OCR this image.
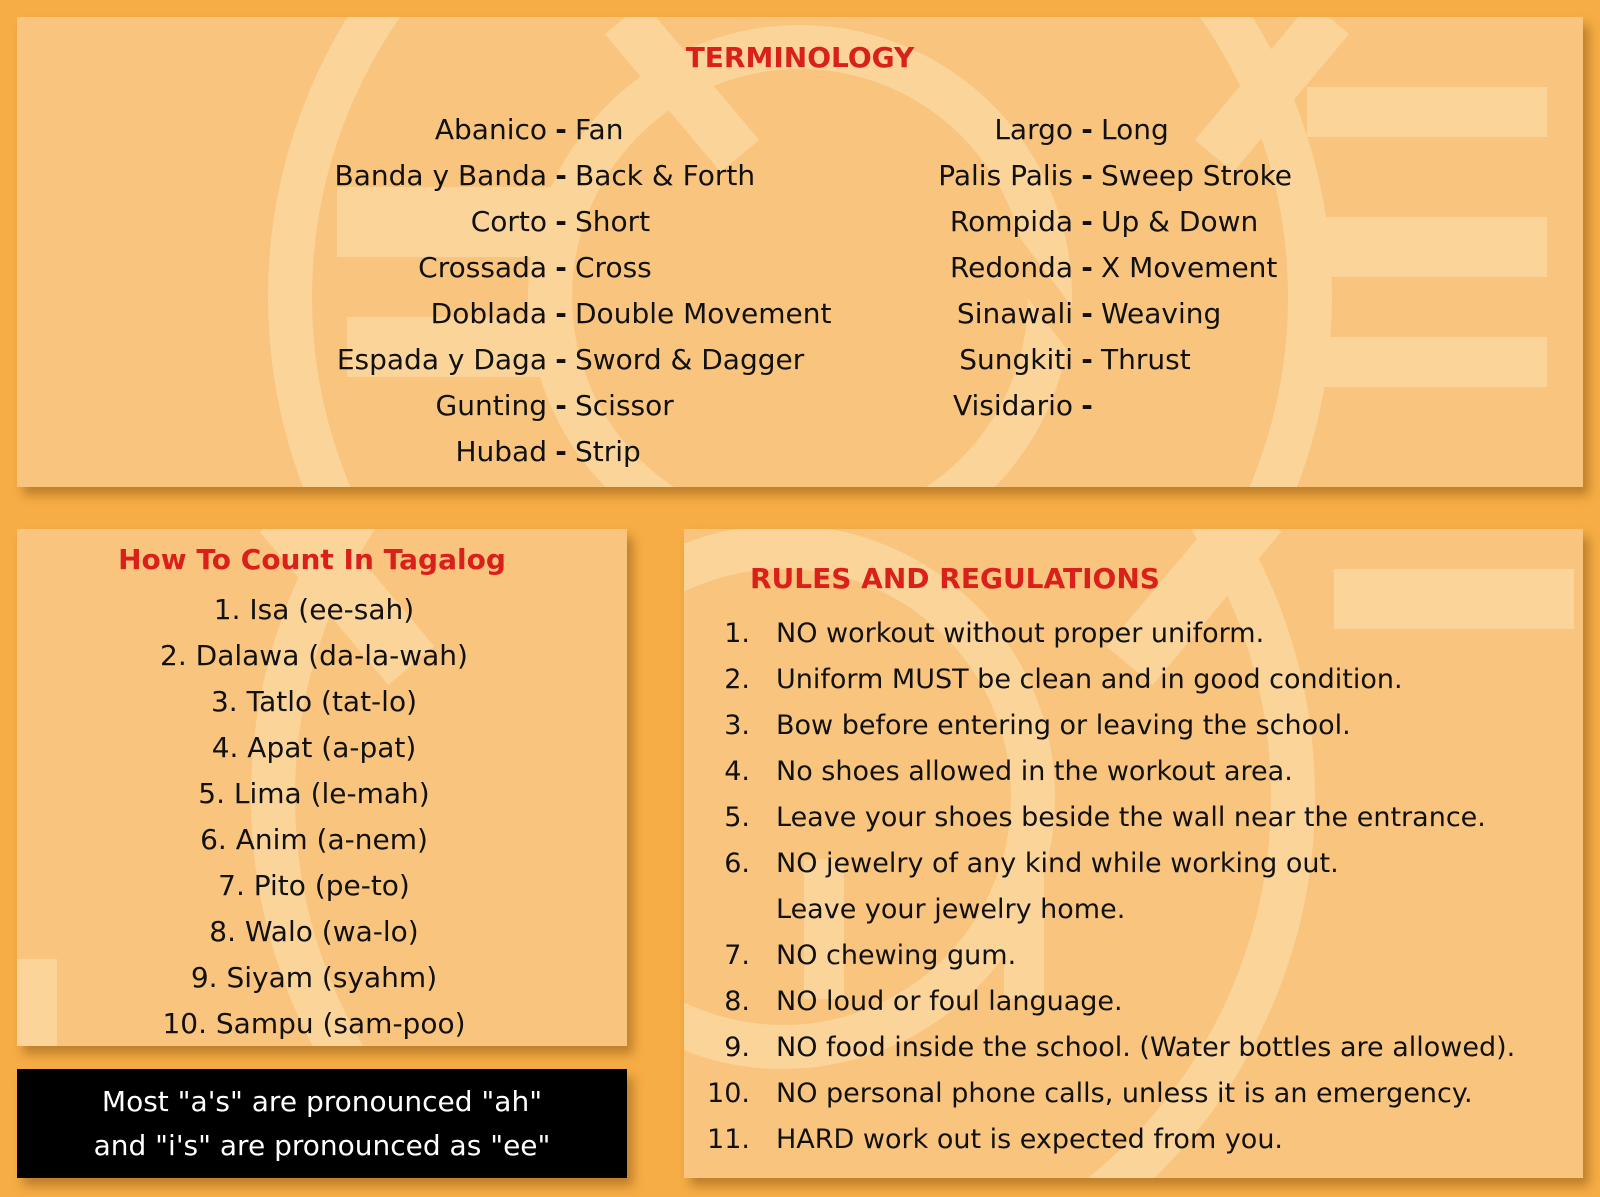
TERMINOLOGY
Abanico - Fan
Banda y Banda - Back & Forth
Corto - Short
Crossada - Cross
Doblada - Double Movement
Espada y Daga - Sword & Dagger
Gunting - Scissor
Hubad - Strip
Largo - Long
Palis Palis - Sweep Stroke
Rompida - Up & Down
Redonda - X Movement
Sinawali - Weaving
Sungkiti - Thrust
Visidario -
How To Count In Tagalog
1. Isa (ee-sah)
2. Dalawa (da-la-wah)
3. Tatlo (tat-lo)
4. Apat (a-pat)
5. Lima (le-mah)
6. Anim (a-nem)
7. Pito (pe-to)
8. Walo (wa-lo)
9. Siyam (syahm)
10. Sampu (sam-poo)
Most "a's" are pronounced "ah"
and "i's" are pronounced as "ee"
RULES AND REGULATIONS
1. NO workout without proper uniform.
2. Uniform MUST be clean and in good condition.
3. Bow before entering or leaving the school.
4. No shoes allowed in the workout area.
5. Leave your shoes beside the wall near the entrance.
6. NO jewelry of any kind while working out.
Leave your jewelry home.
7. NO chewing gum.
8. NO loud or foul language.
9. NO food inside the school. (Water bottles are allowed).
10. NO personal phone calls, unless it is an emergency.
11. HARD work out is expected from you.
